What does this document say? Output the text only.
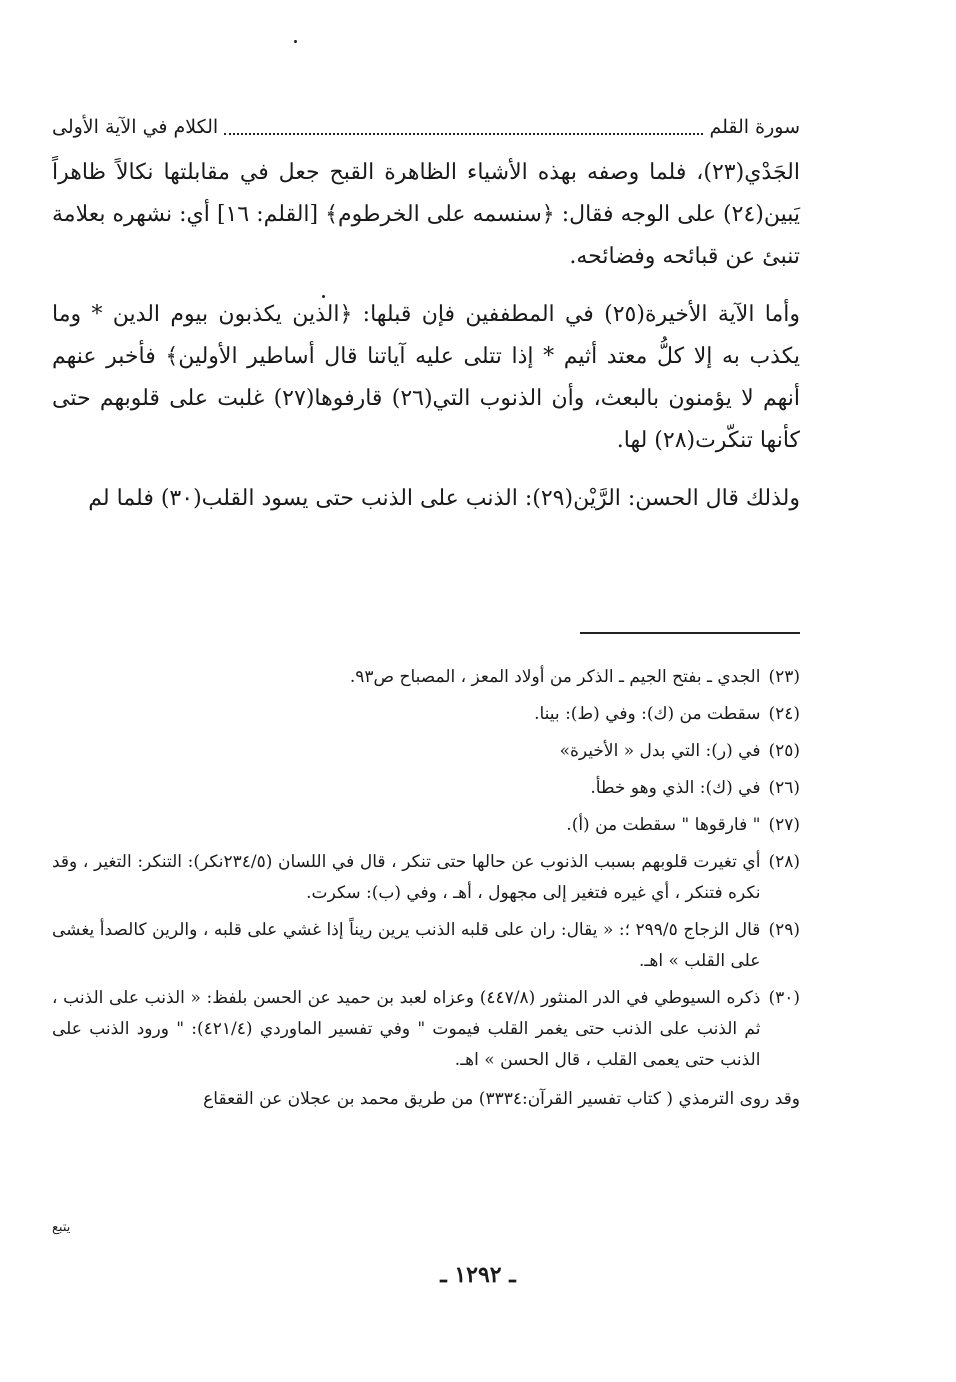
سورة القلم
الكلام في الآية الأولى

الجَدْي(٢٣)، فلما وصفه بهذه الأشياء الظاهرة القبح جعل في مقابلتها نكالاً ظاهراً يَبين(٢٤) على الوجه فقال: ﴿سنسمه على الخرطوم﴾ [القلم: ١٦] أي: نشهره بعلامة تنبئ عن قبائحه وفضائحه.

وأما الآية الأخيرة(٢٥) في المطففين فإن قبلها: ﴿الذين يكذبون بيوم الدين * وما يكذب به إلا كلُّ معتد أثيم * إذا تتلى عليه آياتنا قال أساطير الأولين﴾ فأخبر عنهم أنهم لا يؤمنون بالبعث، وأن الذنوب التي(٢٦) قارفوها(٢٧) غلبت على قلوبهم حتى كأنها تنكّرت(٢٨) لها.

ولذلك قال الحسن: الرَّيْن(٢٩): الذنب على الذنب حتى يسود القلب(٣٠) فلما لم

(٢٣)
الجدي ـ بفتح الجيم ـ الذكر من أولاد المعز ، المصباح ص٩٣.
(٢٤)
سقطت من (ك): وفي (ط): بينا.
(٢٥)
في (ر): التي بدل « الأخيرة»
(٢٦)
في (ك): الذي وهو خطأ.
(٢٧)
" فارقوها " سقطت من (أ).
(٢٨)
أي تغيرت قلوبهم بسبب الذنوب عن حالها حتى تنكر ، قال في اللسان (٢٣٤/٥نكر): التنكر: التغير ، وقد نكره فتنكر ، أي غيره فتغير إلى مجهول ، أهـ ، وفي (ب): سكرت.
(٢٩)
قال الزجاج ٢٩٩/٥ ؛: « يقال: ران على قلبه الذنب يرين ريناً إذا غشي على قلبه ، والرين كالصدأ يغشى على القلب » اهـ.
(٣٠)
ذكره السيوطي في الدر المنثور (٤٤٧/٨) وعزاه لعبد بن حميد عن الحسن بلفظ: « الذنب على الذنب ، ثم الذنب على الذنب حتى يغمر القلب فيموت " وفي تفسير الماوردي (٤٢١/٤): " ورود الذنب على الذنب حتى يعمى القلب ، قال الحسن » اهـ.
وقد روى الترمذي ( كتاب تفسير القرآن:٣٣٣٤) من طريق محمد بن عجلان عن القعقاع
يتبع
ـ ١٢٩٢ ـ
